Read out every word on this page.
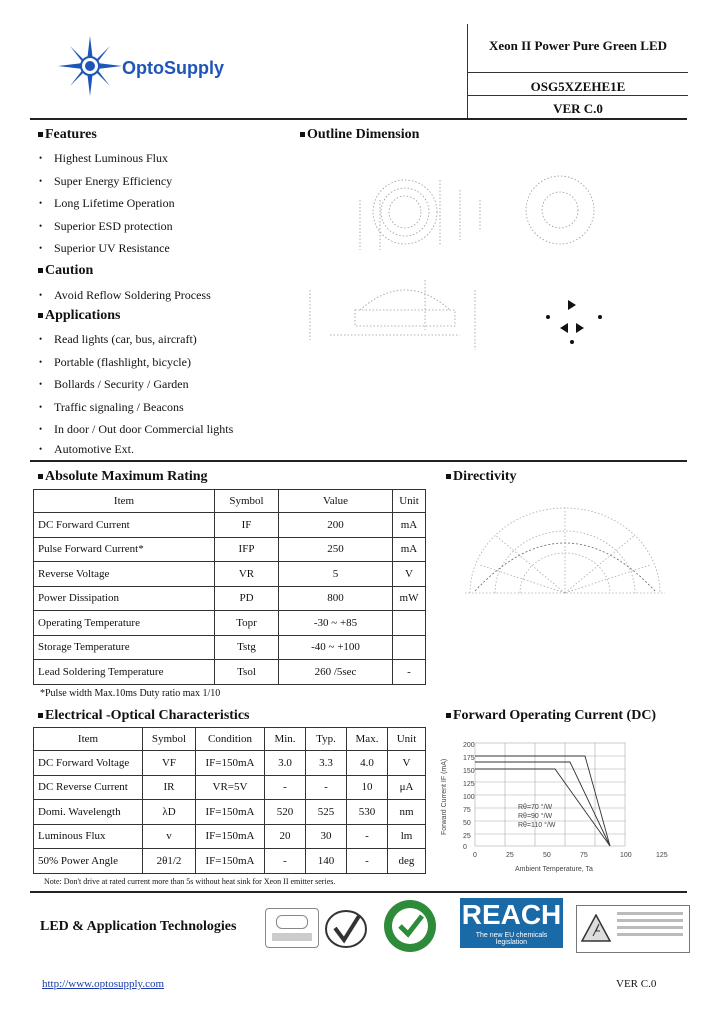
OptoSupply
Xeon II Power Pure Green LED
OSG5XZEHE1E
VER C.0
Features
• Highest Luminous Flux
• Super Energy Efficiency
• Long Lifetime Operation
• Superior ESD protection
• Superior UV Resistance
Caution
• Avoid Reflow Soldering Process
Applications
• Read lights (car, bus, aircraft)
• Portable (flashlight, bicycle)
• Bollards / Security / Garden
• Traffic signaling / Beacons
• In door / Out door Commercial lights
• Automotive Ext.
Outline Dimension
Absolute Maximum Rating
Item	Symbol	Value	Unit
DC Forward Current	IF	200	mA
Pulse Forward Current*	IFP	250	mA
Reverse Voltage	VR	5	V
Power Dissipation	PD	800	mW
Operating Temperature	Topr	-30 ~ +85	
Storage Temperature	Tstg	-40 ~ +100	
Lead Soldering Temperature	Tsol	260 /5sec	-
*Pulse width Max.10ms Duty ratio max 1/10
Directivity
Electrical -Optical Characteristics
Item	Symbol	Condition	Min.	Typ.	Max.	Unit
DC Forward Voltage	VF	IF=150mA	3.0	3.3	4.0	V
DC Reverse Current	IR	VR=5V	-	-	10	μA
Domi. Wavelength	λD	IF=150mA	520	525	530	nm
Luminous Flux	v	IF=150mA	20	30	-	lm
50% Power Angle	2θ1/2	IF=150mA	-	140	-	deg
Note: Don't drive at rated current more than 5s without heat sink for Xeon II emitter series.
Forward Operating Current (DC)
200
175
150
125
100
75
50
25
0
Forward Current IF (mA)	Rθ=70 °/W
Rθ=90 °/W
Rθ=110 °/W
0	25	50	75	100	125
Ambient Temperature, Ta
LED & Application Technologies	REACH
The new EU chemicals legislation
http://www.optosupply.com	VER C.0
